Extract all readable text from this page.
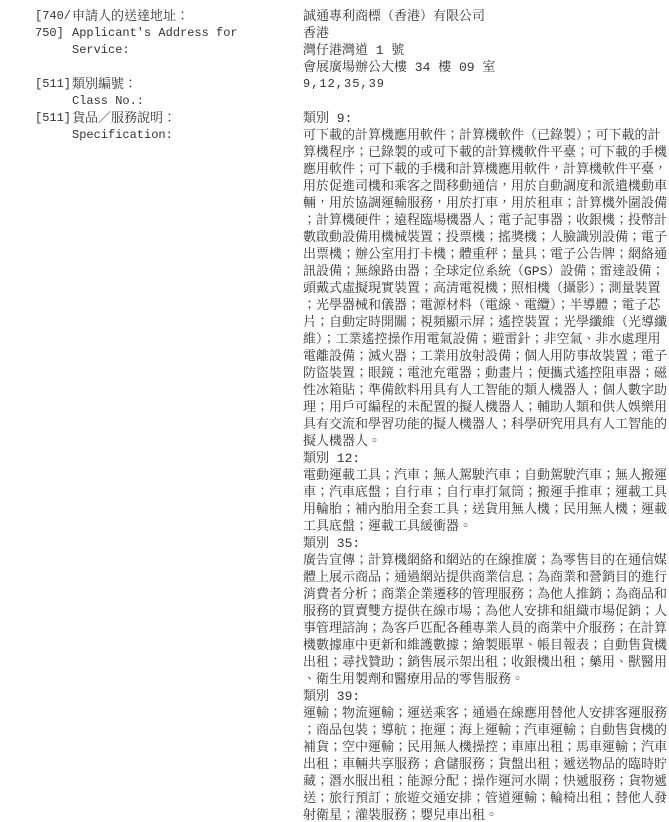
[740/
750]
申請人的送達地址：
Applicant's Address for
Service:
誠通專利商標（香港）有限公司
香港
灣仔港灣道 1 號
會展廣場辦公大樓 34 樓 09 室
[511] 類別編號：
Class No.:
9,12,35,39
[511] 貨品／服務說明：
Specification:
類別 9:
可下載的計算機應用軟件；計算機軟件（已錄製）；可下載的計算機程序；已錄製的或可下載的計算機軟件平臺；可下載的手機應用軟件；可下載的手機和計算機應用軟件，計算機軟件平臺，用於促進司機和乘客之間移動通信，用於自動調度和派遣機動車輛，用於協調運輸服務，用於打車，用於租車；計算機外圍設備；計算機硬件；遠程臨場機器人；電子記事器；收銀機；投幣計數啟動設備用機械裝置；投票機；搖獎機；人臉識別設備；電子出票機；辦公室用打卡機；體重秤；量具；電子公告牌；網絡通訊設備；無線路由器；全球定位系統（GPS）設備；雷達設備；頭戴式虛擬現實裝置；高清電視機；照相機（攝影）；測量裝置；光學器械和儀器；電源材料（電線、電纜）；半導體；電子芯片；自動定時開關；視頻顯示屏；遙控裝置；光學纖維（光導纖維）；工業遙控操作用電氣設備；避雷針；非空氣、非水處理用電離設備；滅火器；工業用放射設備；個人用防事故裝置；電子防盜裝置；眼鏡；電池充電器；動畫片；便攜式遙控阻車器；磁性冰箱貼；準備飲料用具有人工智能的類人機器人；個人數字助理；用戶可編程的未配置的擬人機器人；輔助人類和供人娛樂用具有交流和學習功能的擬人機器人；科學研究用具有人工智能的擬人機器人。
類別 12:
電動運載工具；汽車；無人駕駛汽車；自動駕駛汽車；無人搬運車；汽車底盤；自行車；自行車打氣筒；搬運手推車；運載工具用輪胎；補內胎用全套工具；送貨用無人機；民用無人機；運載工具底盤；運載工具緩衝器。
類別 35:
廣告宣傳；計算機網絡和網站的在線推廣；為零售目的在通信媒體上展示商品；通過網站提供商業信息；為商業和營銷目的進行消費者分析；商業企業遷移的管理服務；為他人推銷；為商品和服務的買賣雙方提供在線市場；為他人安排和組織市場促銷；人事管理諮詢；為客戶匹配各種專業人員的商業中介服務；在計算機數據庫中更新和維護數據；繪製賬單、帳目報表；自動售貨機出租；尋找贊助；銷售展示架出租；收銀機出租；藥用、獸醫用、衛生用製劑和醫療用品的零售服務。
類別 39:
運輸；物流運輸；運送乘客；通過在線應用替他人安排客運服務；商品包裝；導航；拖運；海上運輸；汽車運輸；自動售貨機的補貨；空中運輸；民用無人機操控；車庫出租；馬車運輸；汽車出租；車輛共享服務；倉儲服務；貨盤出租；遞送物品的臨時貯藏；潛水服出租；能源分配；操作運河水閘；快遞服務；貨物遞送；旅行預訂；旅遊交通安排；管道運輸；輪椅出租；替他人發射衛星；灌裝服務；嬰兒車出租。
